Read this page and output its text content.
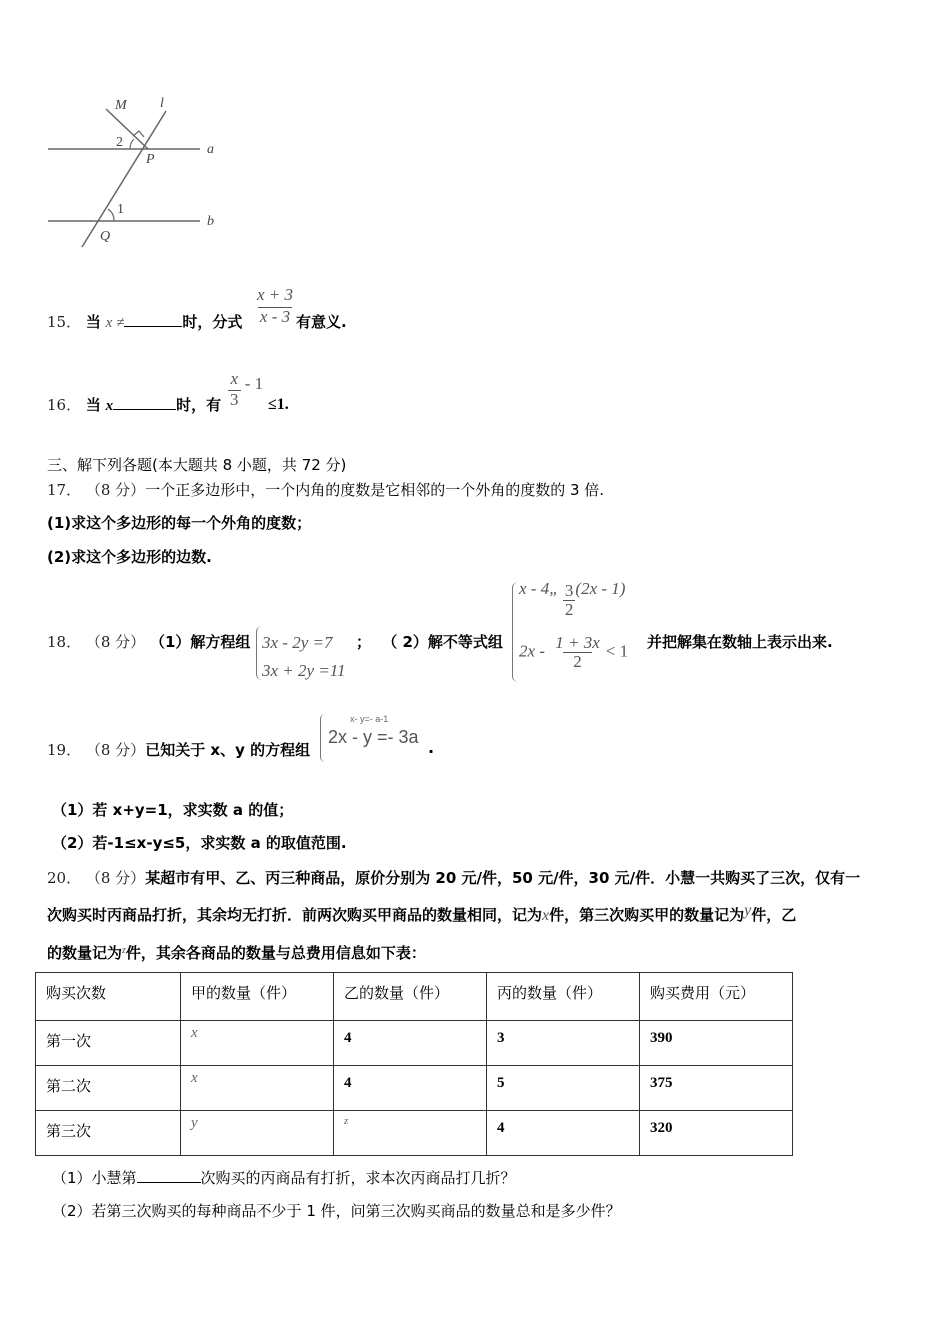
M l
a
b
P
Q
2
1
15． 当 x ≠	时，分式 $\frac{x + 3}{x - 3}$ 有意义.
16． 当 x	时，有 $\frac{x}{3} - 1$
≤1.
三、解下列各题(本大题共 8 小题，共 72 分)
17． （8 分）一个正多边形中，一个内角的度数是它相邻的一个外角的度数的 3 倍.
(1)求这个多边形的每一个外角的度数；
(2)求这个多边形的边数.
18． （8 分） （1）解方程组 3x - 2y =7
3x + 2y =11
； （ 2）解不等式组
x - 4„ $\frac{3}{2} (2x - 1)$
$2x - \frac{1 + 3x}{2} < 1$ 并把解集在数轴上表示出来.
19． （8 分）已知关于 x、y 的方程组
x- y=- a-1
2x - y =- 3a
.
（1）若 x+y=1，求实数 a 的值；
（2）若-1≤x-y≤5，求实数 a 的取值范围.
20． （8 分）某超市有甲、乙、丙三种商品，原价分别为 20 元/件，50 元/件，30 元/件．小慧一共购买了三次，仅有一
次购买时丙商品打折，其余均无打折．前两次购买甲商品的数量相同，记为x件，第三次购买甲的数量记为y件，乙
的数量记为$^z$件，其余各商品的数量与总费用信息如下表：
购买次数	甲的数量（件）	乙的数量（件）	丙的数量（件）	购买费用（元）
第一次	x	4	3	390
第二次	x	4	5	375
第三次	y	z	4	320
（1）小慧第	次购买的丙商品有打折，求本次丙商品打几折？
（2）若第三次购买的每种商品不少于 1 件，问第三次购买商品的数量总和是多少件？
